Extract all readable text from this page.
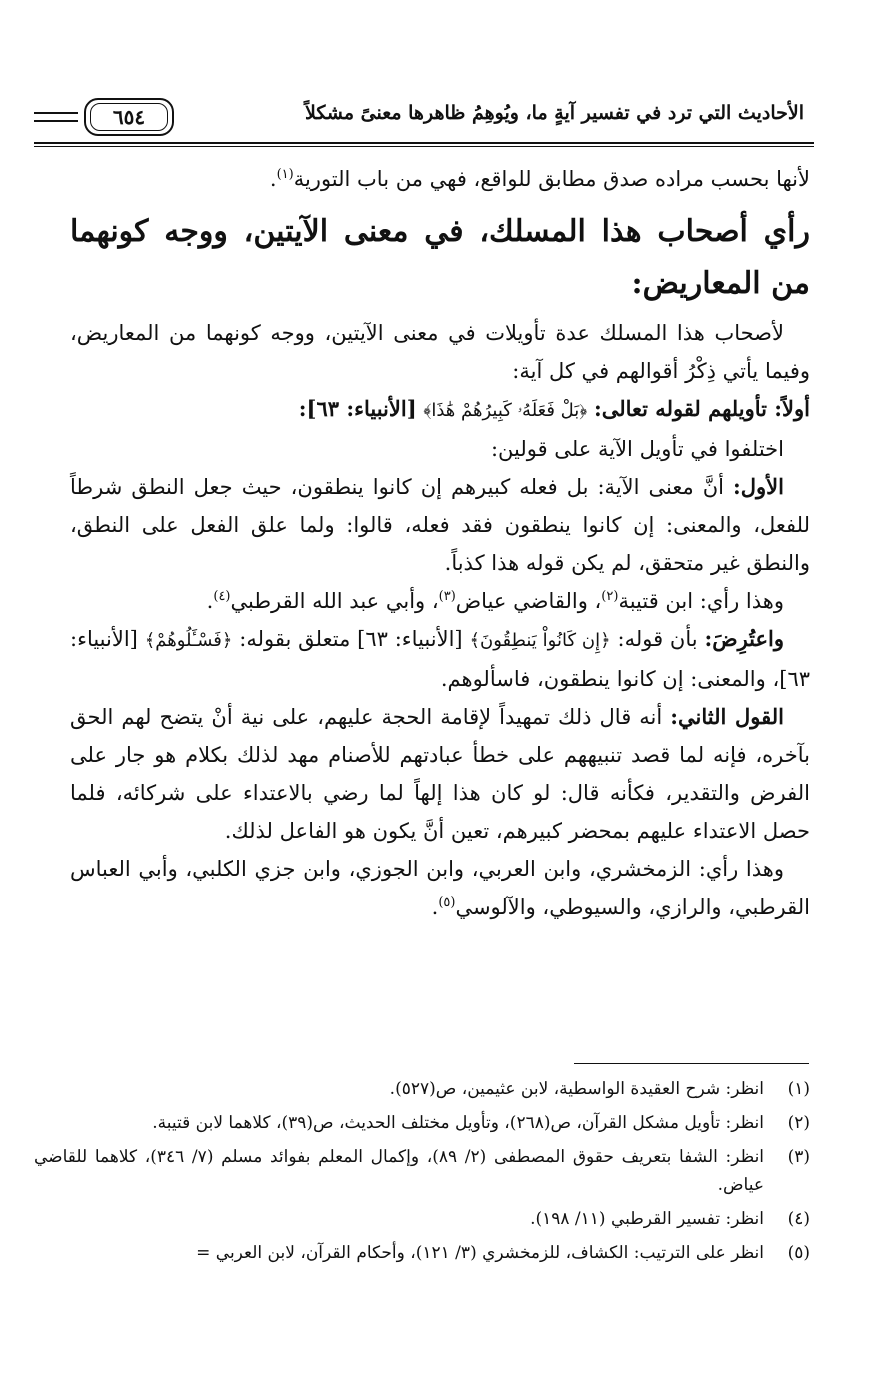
الأحاديث التي ترد في تفسير آيةٍ ما، ويُوهِمُ ظاهرها معنىً مشكلاً
٦٥٤

لأنها بحسب مراده صدق مطابق للواقع، فهي من باب التورية$^{(١)}$.

رأي أصحاب هذا المسلك، في معنى الآيتين، ووجه كونهما من المعاريض:

لأصحاب هذا المسلك عدة تأويلات في معنى الآيتين، ووجه كونهما من المعاريض، وفيما يأتي ذِكْرُ أقوالهم في كل آية:

أولاً: تأويلهم لقوله تعالى: ﴿بَلْ فَعَلَهُۥ كَبِيرُهُمْ هَٰذَا﴾ [الأنبياء: ٦٣]:

اختلفوا في تأويل الآية على قولين:

الأول: أنَّ معنى الآية: بل فعله كبيرهم إن كانوا ينطقون، حيث جعل النطق شرطاً للفعل، والمعنى: إن كانوا ينطقون فقد فعله، قالوا: ولما علق الفعل على النطق، والنطق غير متحقق، لم يكن قوله هذا كذباً.

وهذا رأي: ابن قتيبة$^{(٢)}$، والقاضي عياض$^{(٣)}$، وأبي عبد الله القرطبي$^{(٤)}$.

واعتُرِضَ: بأن قوله: ﴿إِن كَانُواْ يَنطِقُونَ﴾ [الأنبياء: ٦٣] متعلق بقوله: ﴿فَسْـَٔلُوهُمْ﴾ [الأنبياء: ٦٣]، والمعنى: إن كانوا ينطقون، فاسألوهم.

القول الثاني: أنه قال ذلك تمهيداً لإقامة الحجة عليهم، على نية أنْ يتضح لهم الحق بآخره، فإنه لما قصد تنبيههم على خطأ عبادتهم للأصنام مهد لذلك بكلام هو جار على الفرض والتقدير، فكأنه قال: لو كان هذا إلهاً لما رضي بالاعتداء على شركائه، فلما حصل الاعتداء عليهم بمحضر كبيرهم، تعين أنَّ يكون هو الفاعل لذلك.

وهذا رأي: الزمخشري، وابن العربي، وابن الجوزي، وابن جزي الكلبي، وأبي العباس القرطبي، والرازي، والسيوطي، والآلوسي$^{(٥)}$.

(١)
انظر: شرح العقيدة الواسطية، لابن عثيمين، ص(٥٢٧).

(٢)
انظر: تأويل مشكل القرآن، ص(٢٦٨)، وتأويل مختلف الحديث، ص(٣٩)، كلاهما لابن قتيبة.

(٣)
انظر: الشفا بتعريف حقوق المصطفى (٢/ ٨٩)، وإكمال المعلم بفوائد مسلم (٧/ ٣٤٦)، كلاهما للقاضي عياض.

(٤)
انظر: تفسير القرطبي (١١/ ١٩٨).

(٥)
انظر على الترتيب: الكشاف، للزمخشري (٣/ ١٢١)، وأحكام القرآن، لابن العربي =
